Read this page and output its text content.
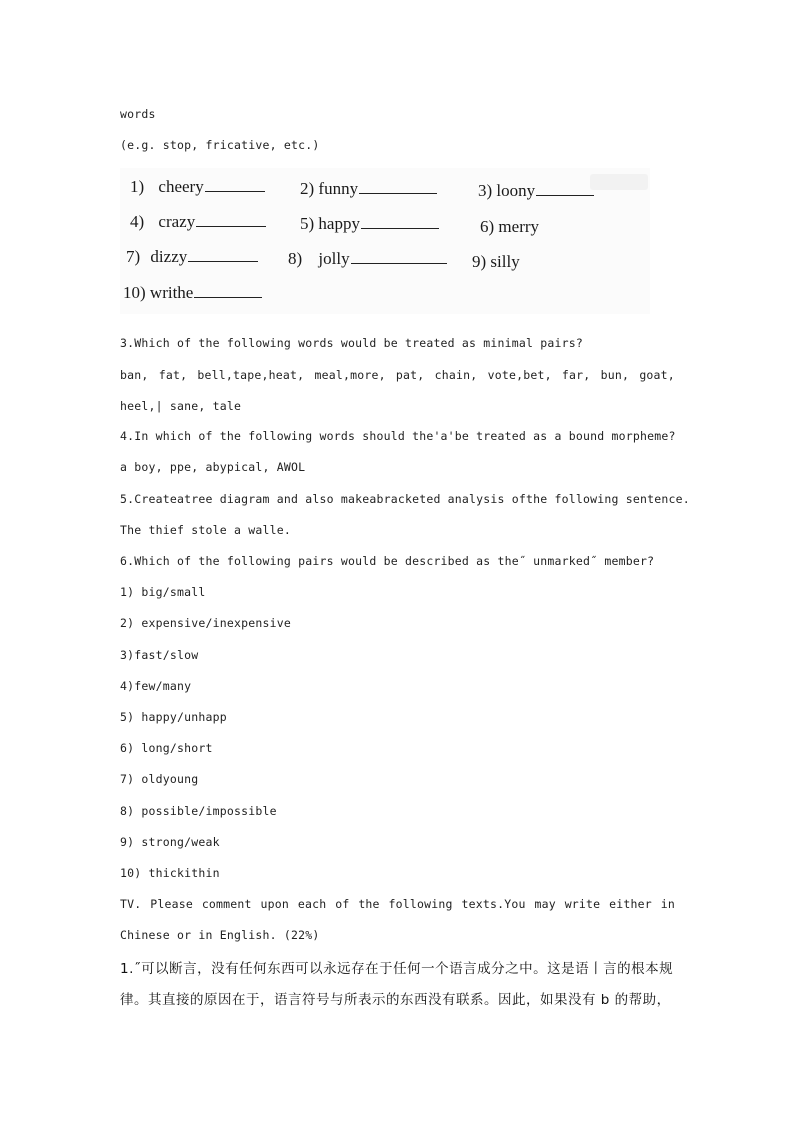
words
(e.g. stop, fricative, etc.)
1) cheery	2) funny	3) loony
4) crazy	5) happy	6) merry
7) dizzy	8) jolly	9) silly
10) writhe
3.Which of the following words would be treated as minimal pairs?
ban, fat, bell,tape,heat, meal,more, pat, chain, vote,bet, far, bun, goat,
heel,| sane, tale
4.In which of the following words should the'a'be treated as a bound morpheme?
a boy, ppe, abypical, AWOL
5.Createatree diagram and also makeabracketed analysis ofthe following sentence.
The thief stole a walle.
6.Which of the following pairs would be described as the˝ unmarked˝ member?
1) big/small
2) expensive/inexpensive
3)fast/slow
4)few/many
5) happy/unhapp
6) long/short
7) oldyoung
8) possible/impossible
9) strong/weak
10) thickithin
TV. Please comment upon each of the following texts.You may write either in
Chinese or in English. (22%)
1.˝可以断言，没有任何东西可以永远存在于任何一个语言成分之中。这是语丨言的根本规
律。其直接的原因在于，语言符号与所表示的东西没有联系。因此，如果没有 b 的帮助，
